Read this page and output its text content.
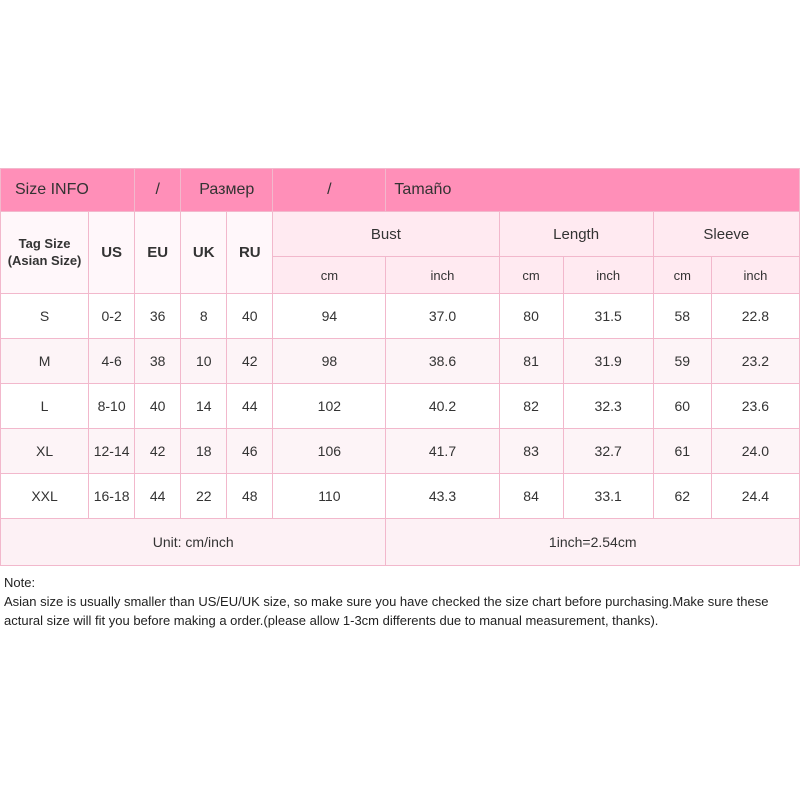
Size INFO		/	Размер		/	Tamaño				
Tag Size
(Asian Size)	US	EU	UK	RU	Bust		Length		Sleeve	
					cm	inch	cm	inch	cm	inch
S	0-2	36	8	40	94	37.0	80	31.5	58	22.8
M	4-6	38	10	42	98	38.6	81	31.9	59	23.2
L	8-10	40	14	44	102	40.2	82	32.3	60	23.6
XL	12-14	42	18	46	106	41.7	83	32.7	61	24.0
XXL	16-18	44	22	48	110	43.3	84	33.1	62	24.4
Unit: cm/inch						1inch=2.54cm				
Note:
Asian size is usually smaller than US/EU/UK size, so make sure you have checked the size chart before purchasing.Make sure these actural size will fit you before making a order.(please allow 1-3cm differents due to manual measurement, thanks).
